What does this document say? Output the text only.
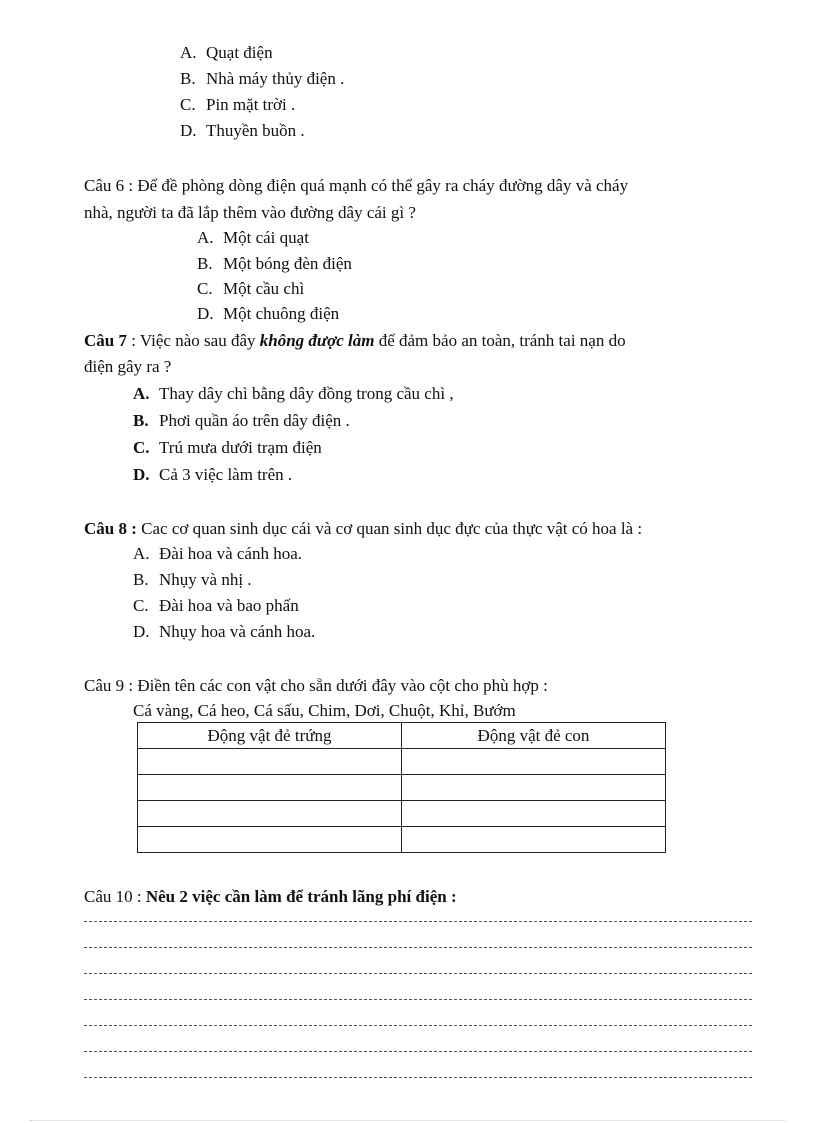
A. Quạt điện
B. Nhà máy thủy điện .
C. Pin mặt trời .
D. Thuyền buồn .
Câu 6 : Để đề phòng dòng điện quá mạnh có thể gây ra cháy đường dây và cháy
nhà, người ta đã lắp thêm vào đường dây cái gì ?
A. Một cái quạt
B. Một bóng đèn điện
C. Một cầu chì
D. Một chuông điện
Câu 7 : Việc nào sau đây không được làm để đảm bảo an toàn, tránh tai nạn do
điện gây ra ?
A. Thay dây chì bằng dây đồng trong cầu chì ,
B. Phơi quần áo trên dây điện .
C. Trú mưa dưới trạm điện
D. Cả 3 việc làm trên .
Câu 8 : Cac cơ quan sinh dục cái và cơ quan sinh dục đực của thực vật có hoa là :
A. Đài hoa và cánh hoa.
B. Nhụy và nhị .
C. Đài hoa và bao phấn
D. Nhụy hoa và cánh hoa.
Câu 9 : Điền tên các con vật cho sẵn dưới đây vào cột cho phù hợp :
Cá vàng, Cá heo, Cá sấu, Chim, Dơi, Chuột, Khỉ, Bướm
Động vật đẻ trứng	Động vật đẻ con

Câu 10 : Nêu 2 việc cần làm để tránh lãng phí điện :
